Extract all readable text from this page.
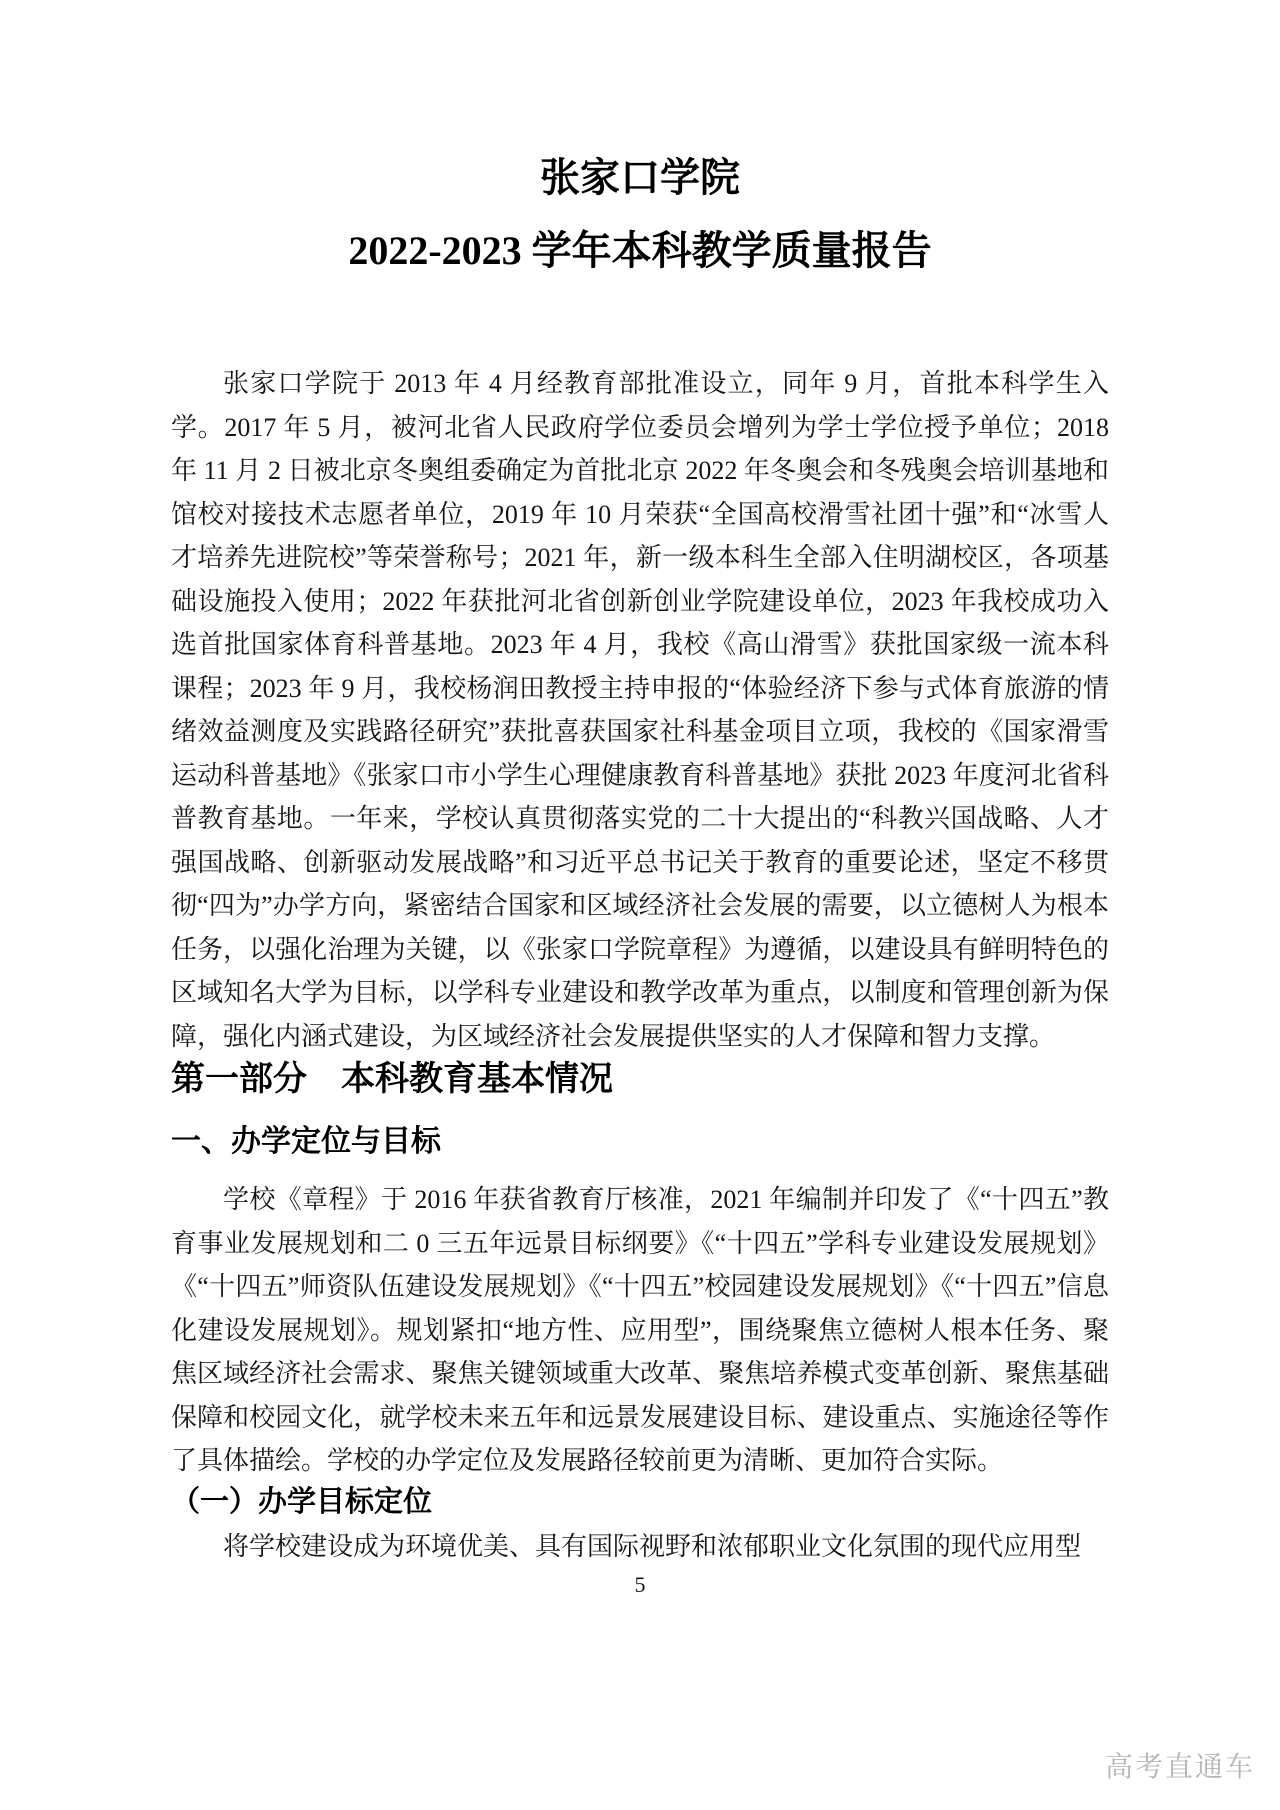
张家口学院
2022-2023 学年本科教学质量报告

张家口学院于 2013 年 4 月经教育部批准设立，同年 9 月，首批本科学生入学。2017 年 5 月，被河北省人民政府学位委员会增列为学士学位授予单位；2018 年 11 月 2 日被北京冬奥组委确定为首批北京 2022 年冬奥会和冬残奥会培训基地和馆校对接技术志愿者单位，2019 年 10 月荣获“全国高校滑雪社团十强”和“冰雪人才培养先进院校”等荣誉称号；2021 年，新一级本科生全部入住明湖校区，各项基础设施投入使用；2022 年获批河北省创新创业学院建设单位，2023 年我校成功入选首批国家体育科普基地。2023 年 4 月，我校《高山滑雪》获批国家级一流本科课程；2023 年 9 月，我校杨润田教授主持申报的“体验经济下参与式体育旅游的情绪效益测度及实践路径研究”获批喜获国家社科基金项目立项，我校的《国家滑雪运动科普基地》《张家口市小学生心理健康教育科普基地》获批 2023 年度河北省科普教育基地。一年来，学校认真贯彻落实党的二十大提出的“科教兴国战略、人才强国战略、创新驱动发展战略”和习近平总书记关于教育的重要论述，坚定不移贯彻“四为”办学方向，紧密结合国家和区域经济社会发展的需要，以立德树人为根本任务，以强化治理为关键，以《张家口学院章程》为遵循，以建设具有鲜明特色的区域知名大学为目标，以学科专业建设和教学改革为重点，以制度和管理创新为保障，强化内涵式建设，为区域经济社会发展提供坚实的人才保障和智力支撑。

第一部分　本科教育基本情况
一、办学定位与目标

学校《章程》于 2016 年获省教育厅核准，2021 年编制并印发了《“十四五”教育事业发展规划和二 0 三五年远景目标纲要》《“十四五”学科专业建设发展规划》《“十四五”师资队伍建设发展规划》《“十四五”校园建设发展规划》《“十四五”信息化建设发展规划》。规划紧扣“地方性、应用型”，围绕聚焦立德树人根本任务、聚焦区域经济社会需求、聚焦关键领域重大改革、聚焦培养模式变革创新、聚焦基础保障和校园文化，就学校未来五年和远景发展建设目标、建设重点、实施途径等作了具体描绘。学校的办学定位及发展路径较前更为清晰、更加符合实际。

（一）办学目标定位

将学校建设成为环境优美、具有国际视野和浓郁职业文化氛围的现代应用型

5
高考直通车
